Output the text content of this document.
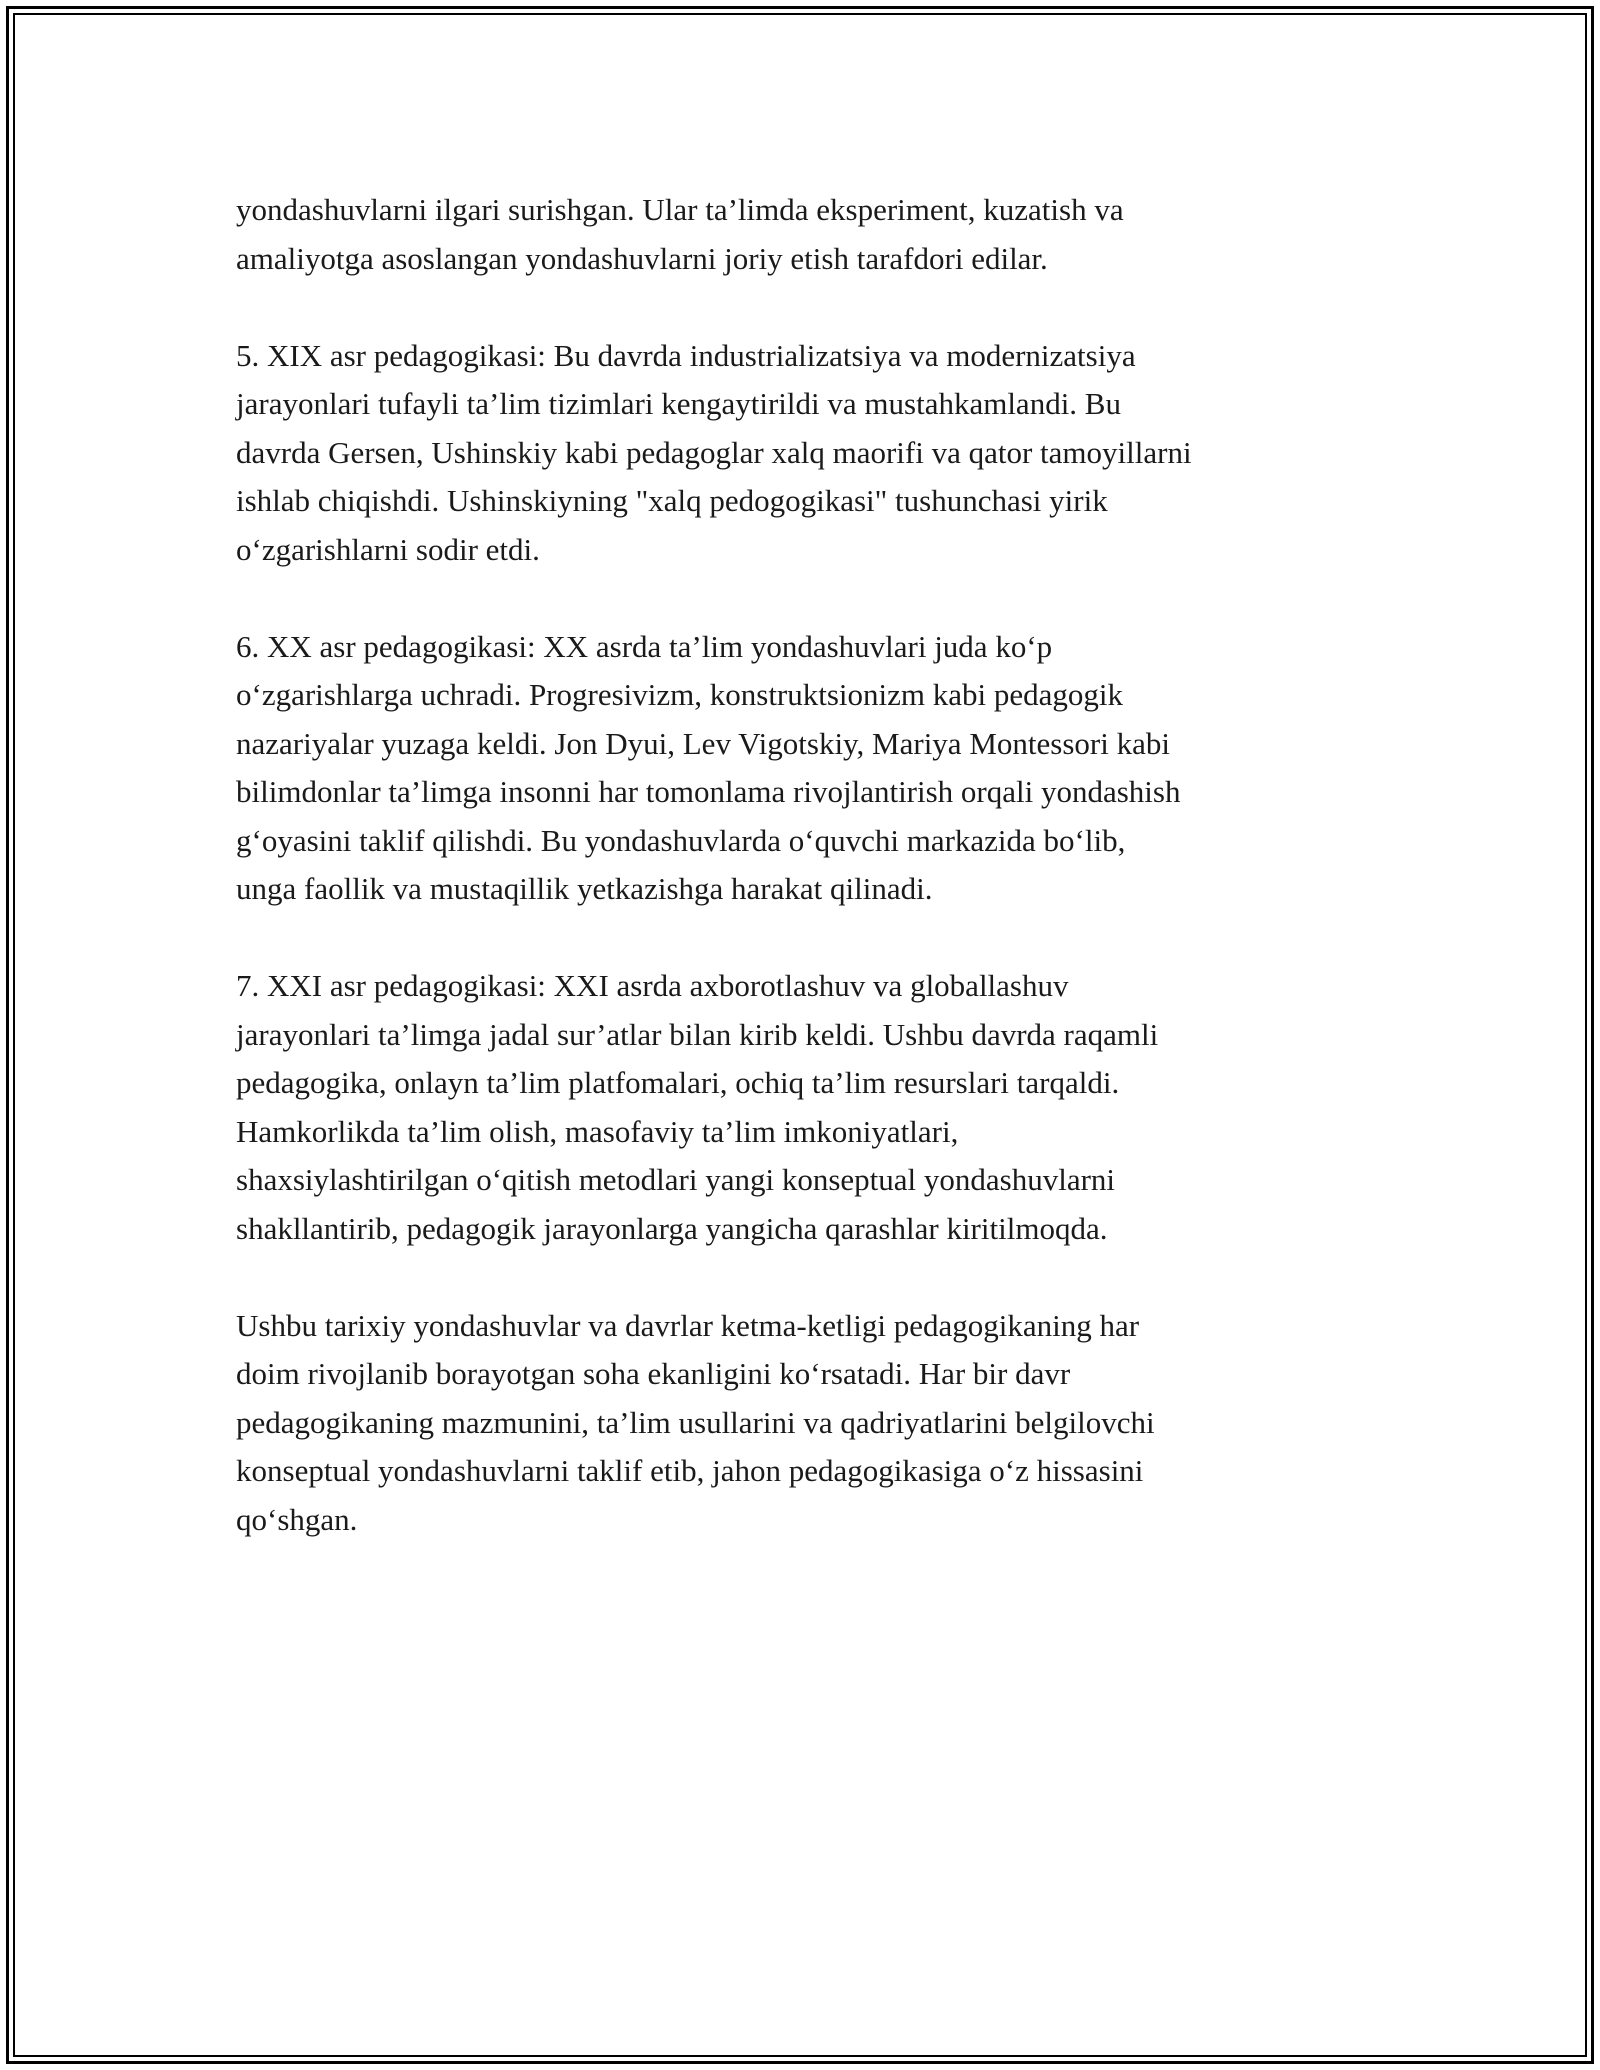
yondashuvlarni ilgari surishgan. Ular ta’limda eksperiment, kuzatish va
amaliyotga asoslangan yondashuvlarni joriy etish tarafdori edilar.
5. XIX asr pedagogikasi: Bu davrda industrializatsiya va modernizatsiya
jarayonlari tufayli ta’lim tizimlari kengaytirildi va mustahkamlandi. Bu
davrda Gersen, Ushinskiy kabi pedagoglar xalq maorifi va qator tamoyillarni
ishlab chiqishdi. Ushinskiyning "xalq pedogogikasi" tushunchasi yirik
o‘zgarishlarni sodir etdi.
6. XX asr pedagogikasi: XX asrda ta’lim yondashuvlari juda ko‘p
o‘zgarishlarga uchradi. Progresivizm, konstruktsionizm kabi pedagogik
nazariyalar yuzaga keldi. Jon Dyui, Lev Vigotskiy, Mariya Montessori kabi
bilimdonlar ta’limga insonni har tomonlama rivojlantirish orqali yondashish
g‘oyasini taklif qilishdi. Bu yondashuvlarda o‘quvchi markazida bo‘lib,
unga faollik va mustaqillik yetkazishga harakat qilinadi.
7. XXI asr pedagogikasi: XXI asrda axborotlashuv va globallashuv
jarayonlari ta’limga jadal sur’atlar bilan kirib keldi. Ushbu davrda raqamli
pedagogika, onlayn ta’lim platfomalari, ochiq ta’lim resurslari tarqaldi.
Hamkorlikda ta’lim olish, masofaviy ta’lim imkoniyatlari,
shaxsiylashtirilgan o‘qitish metodlari yangi konseptual yondashuvlarni
shakllantirib, pedagogik jarayonlarga yangicha qarashlar kiritilmoqda.
Ushbu tarixiy yondashuvlar va davrlar ketma-ketligi pedagogikaning har
doim rivojlanib borayotgan soha ekanligini ko‘rsatadi. Har bir davr
pedagogikaning mazmunini, ta’lim usullarini va qadriyatlarini belgilovchi
konseptual yondashuvlarni taklif etib, jahon pedagogikasiga o‘z hissasini
qo‘shgan.
